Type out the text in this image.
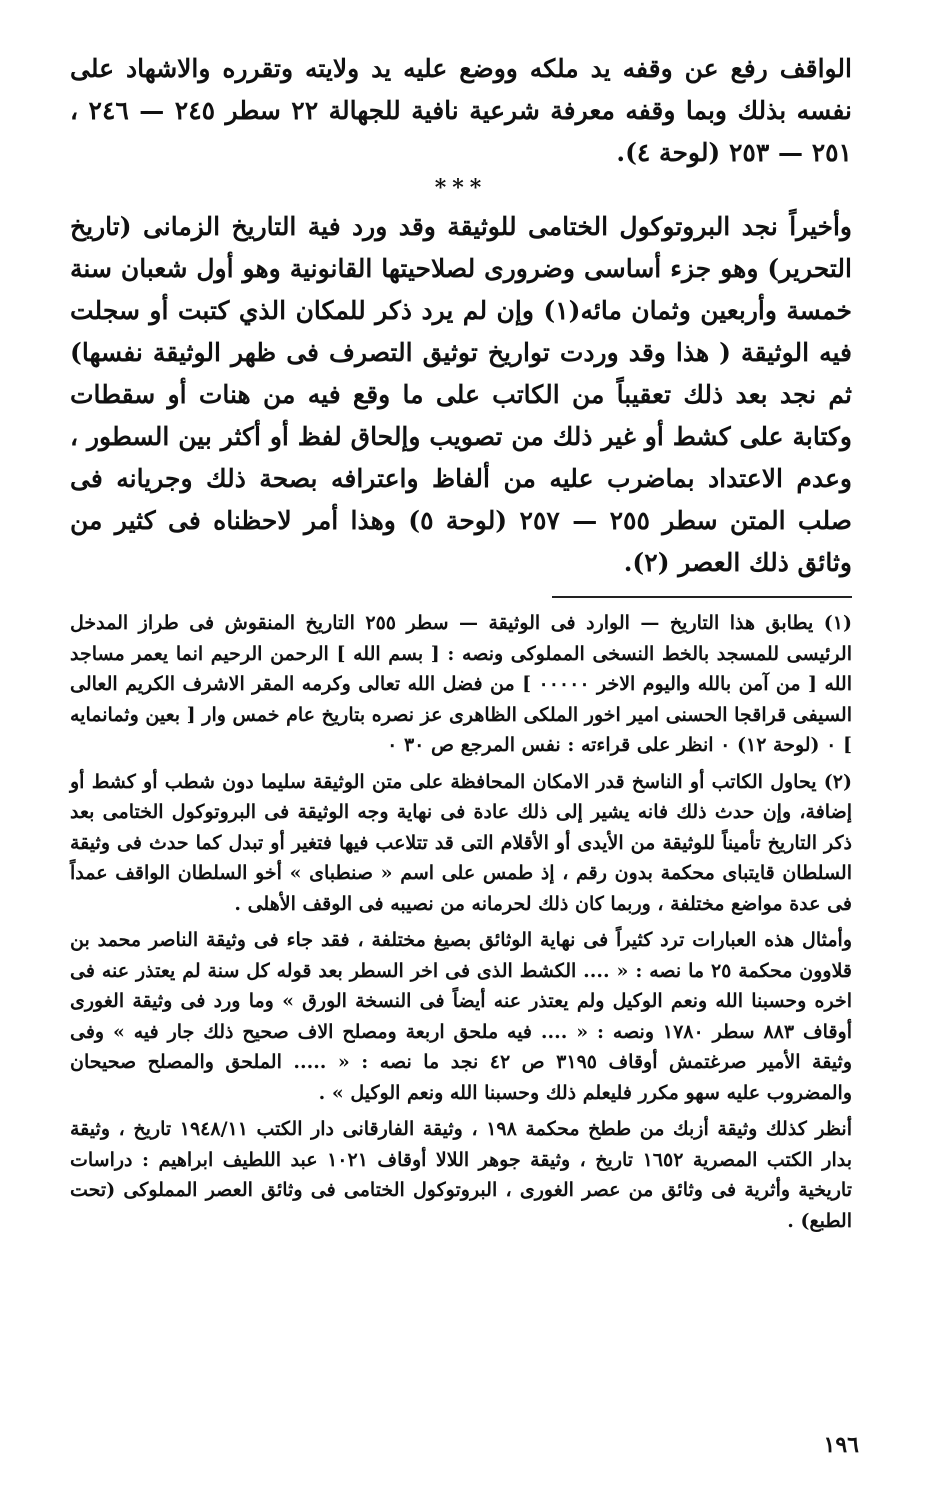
الواقف رفع عن وقفه يد ملكه ووضع عليه يد ولايته وتقرره والاشهاد على نفسه بذلك وبما وقفه معرفة شرعية نافية للجهالة ٢٢ سطر ٢٤٥ — ٢٤٦ ، ٢٥١ — ٢٥٣ (لوحة ٤).

***

وأخيراً نجد البروتوكول الختامى للوثيقة وقد ورد فية التاريخ الزمانى (تاريخ التحرير) وهو جزء أساسى وضرورى لصلاحيتها القانونية وهو أول شعبان سنة خمسة وأربعين وثمان مائه(١) وإن لم يرد ذكر للمكان الذي كتبت أو سجلت فيه الوثيقة ( هذا وقد وردت تواريخ توثيق التصرف فى ظهر الوثيقة نفسها) ثم نجد بعد ذلك تعقيباً من الكاتب على ما وقع فيه من هنات أو سقطات وكتابة على كشط أو غير ذلك من تصويب وإلحاق لفظ أو أكثر بين السطور ، وعدم الاعتداد بماضرب عليه من ألفاظ واعترافه بصحة ذلك وجريانه فى صلب المتن سطر ٢٥٥ — ٢٥٧ (لوحة ٥) وهذا أمر لاحظناه فى كثير من وثائق ذلك العصر (٢).

(١) يطابق هذا التاريخ — الوارد فى الوثيقة — سطر ٢٥٥ التاريخ المنقوش فى طراز المدخل الرئيسى للمسجد بالخط النسخى المملوكى ونصه : [ بسم الله ] الرحمن الرحيم انما يعمر مساجد الله [ من آمن بالله واليوم الاخر ٠٠٠٠٠ ] من فضل الله تعالى وكرمه المقر الاشرف الكريم العالى السيفى قراقجا الحسنى امير اخور الملكى الظاهرى عز نصره بتاريخ عام خمس وار [ بعين وثمانمايه ] ٠ (لوحة ١٢) ٠ انظر على قراءته : نفس المرجع ص ٣٠ ٠

(٢) يحاول الكاتب أو الناسخ قدر الامكان المحافظة على متن الوثيقة سليما دون شطب أو كشط أو إضافة، وإن حدث ذلك فانه يشير إلى ذلك عادة فى نهاية وجه الوثيقة فى البروتوكول الختامى بعد ذكر التاريخ تأميناً للوثيقة من الأيدى أو الأقلام التى قد تتلاعب فيها فتغير أو تبدل كما حدث فى وثيقة السلطان قايتباى محكمة بدون رقم ، إذ طمس على اسم « صنطباى » أخو السلطان الواقف عمداً فى عدة مواضع مختلفة ، وربما كان ذلك لحرمانه من نصيبه فى الوقف الأهلى .

وأمثال هذه العبارات ترد كثيراً فى نهاية الوثائق بصيغ مختلفة ، فقد جاء فى وثيقة الناصر محمد بن قلاوون محكمة ٢٥ ما نصه : « .... الكشط الذى فى اخر السطر بعد قوله كل سنة لم يعتذر عنه فى اخره وحسبنا الله ونعم الوكيل ولم يعتذر عنه أيضاً فى النسخة الورق » وما ورد فى وثيقة الغورى أوقاف ٨٨٣ سطر ١٧٨٠ ونصه : « .... فيه ملحق اربعة ومصلح الاف صحيح ذلك جار فيه » وفى وثيقة الأمير صرغتمش أوقاف ٣١٩٥ ص ٤٢ نجد ما نصه : « ..... الملحق والمصلح صحيحان والمضروب عليه سهو مكرر فليعلم ذلك وحسبنا الله ونعم الوكيل » .

أنظر كذلك وثيقة أزبك من ططخ محكمة ١٩٨ ، وثيقة الفارقانى دار الكتب ١٩٤٨/١١ تاريخ ، وثيقة بدار الكتب المصرية ١٦٥٢ تاريخ ، وثيقة جوهر اللالا أوقاف ١٠٢١ عبد اللطيف ابراهيم : دراسات تاريخية وأثرية فى وثائق من عصر الغورى ، البروتوكول الختامى فى وثائق العصر المملوكى (تحت الطبع) .

١٩٦
